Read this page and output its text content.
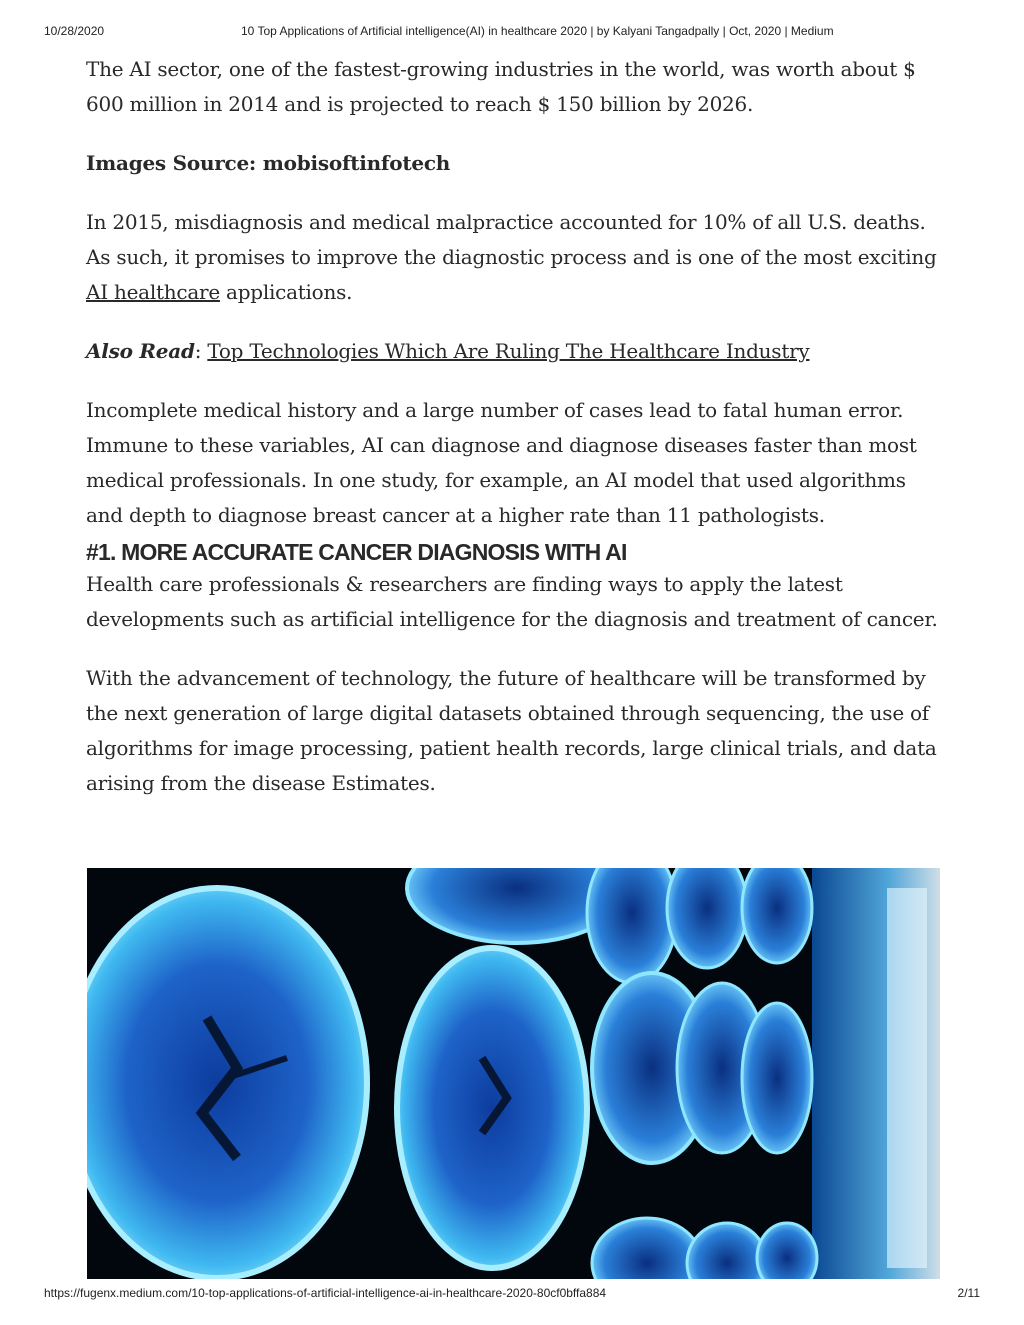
10/28/2020	10 Top Applications of Artificial intelligence(AI) in healthcare 2020 | by Kalyani Tangadpally | Oct, 2020 | Medium

The AI sector, one of the fastest-growing industries in the world, was worth about $ 600 million in 2014 and is projected to reach $ 150 billion by 2026.

Images Source: mobisoftinfotech

In 2015, misdiagnosis and medical malpractice accounted for 10% of all U.S. deaths. As such, it promises to improve the diagnostic process and is one of the most exciting AI healthcare applications.

Also Read: Top Technologies Which Are Ruling The Healthcare Industry

Incomplete medical history and a large number of cases lead to fatal human error. Immune to these variables, AI can diagnose and diagnose diseases faster than most medical professionals. In one study, for example, an AI model that used algorithms and depth to diagnose breast cancer at a higher rate than 11 pathologists.

#1. MORE ACCURATE CANCER DIAGNOSIS WITH AI

Health care professionals & researchers are finding ways to apply the latest developments such as artificial intelligence for the diagnosis and treatment of cancer.

With the advancement of technology, the future of healthcare will be transformed by the next generation of large digital datasets obtained through sequencing, the use of algorithms for image processing, patient health records, large clinical trials, and data arising from the disease Estimates.

https://fugenx.medium.com/10-top-applications-of-artificial-intelligence-ai-in-healthcare-2020-80cf0bffa884	2/11
